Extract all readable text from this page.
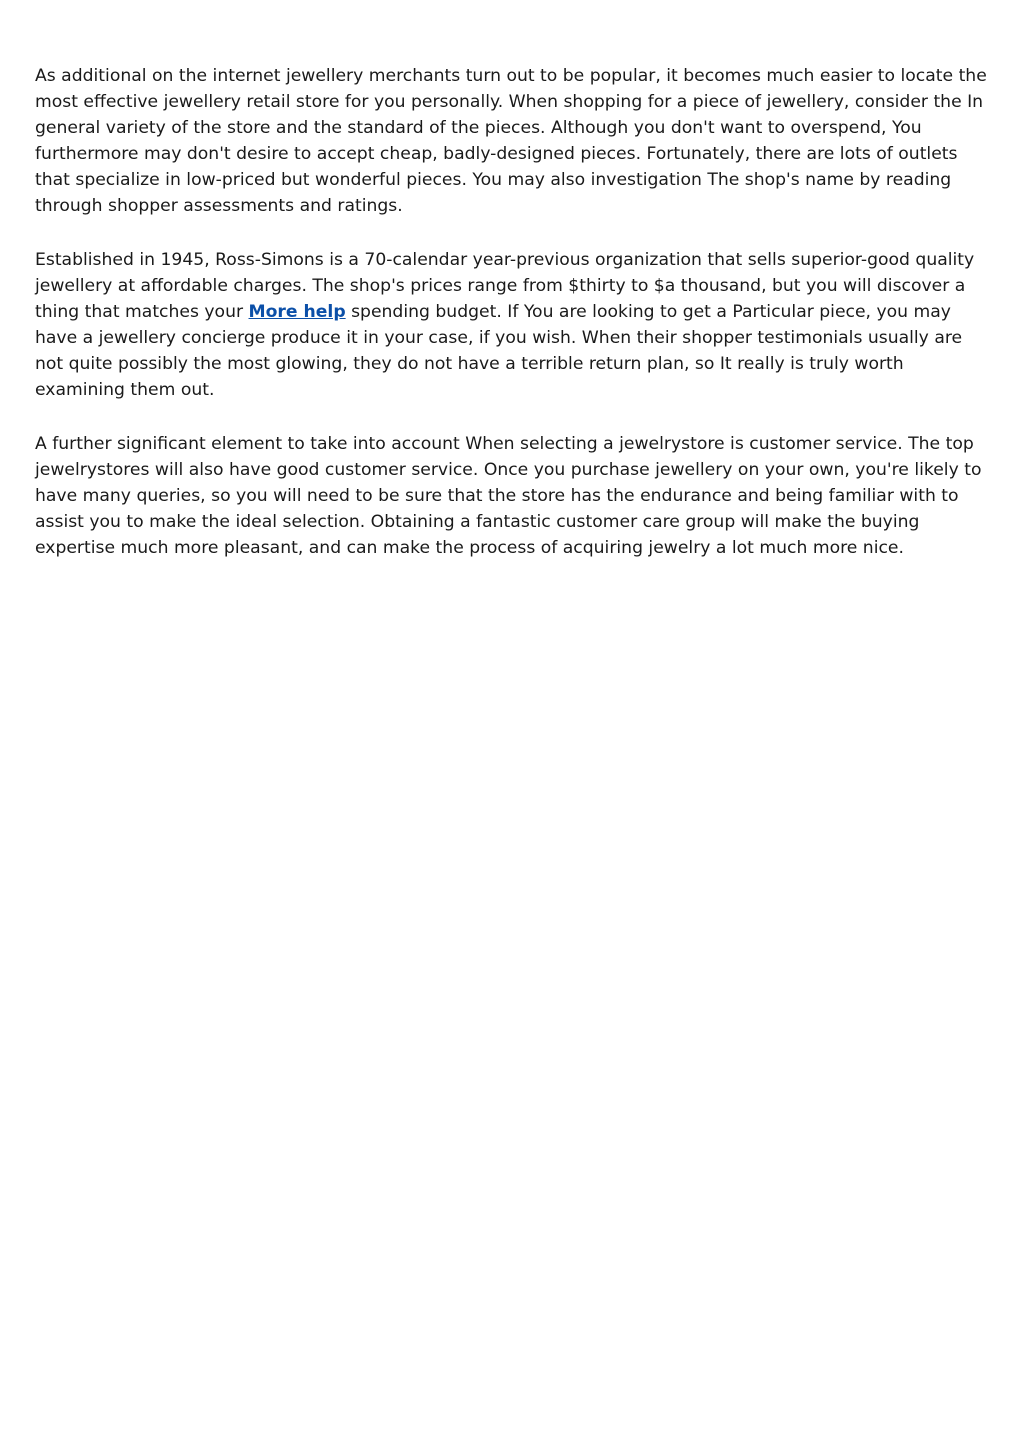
As additional on the internet jewellery merchants turn out to be popular, it becomes much easier to locate the most effective jewellery retail store for you personally. When shopping for a piece of jewellery, consider the In general variety of the store and the standard of the pieces. Although you don't want to overspend, You furthermore may don't desire to accept cheap, badly-designed pieces. Fortunately, there are lots of outlets that specialize in low-priced but wonderful pieces. You may also investigation The shop's name by reading through shopper assessments and ratings.

Established in 1945, Ross-Simons is a 70-calendar year-previous organization that sells superior-good quality jewellery at affordable charges. The shop's prices range from $thirty to $a thousand, but you will discover a thing that matches your More help spending budget. If You are looking to get a Particular piece, you may have a jewellery concierge produce it in your case, if you wish. When their shopper testimonials usually are not quite possibly the most glowing, they do not have a terrible return plan, so It really is truly worth examining them out.

A further significant element to take into account When selecting a jewelrystore is customer service. The top jewelrystores will also have good customer service. Once you purchase jewellery on your own, you're likely to have many queries, so you will need to be sure that the store has the endurance and being familiar with to assist you to make the ideal selection. Obtaining a fantastic customer care group will make the buying expertise much more pleasant, and can make the process of acquiring jewelry a lot much more nice.
